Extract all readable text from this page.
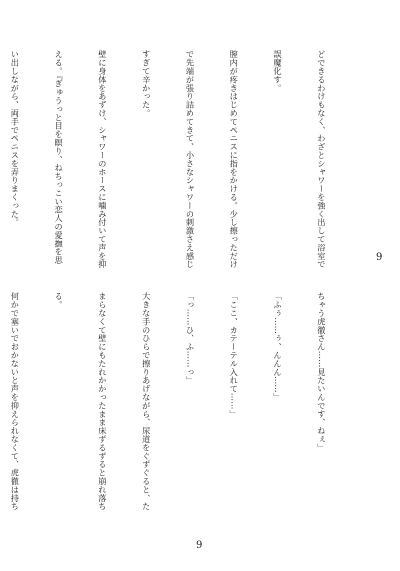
9

どできるわけもなく、わざとシャワーを強く出して浴室で

誤魔化す。

膣内が疼きはじめてペニスに指をかける。少し擦っただけ

で先端が張り詰めてきて、小さなシャワーの刺激さえ感じ

すぎて辛かった。

壁に身体をあずけ、シャワーのホースに噛み付いて声を抑

える。『ぎゅうっと目を瞑り、ねちっこい恋人の愛撫を思

い出しながら、両手でペニスを弄りまくった。

ちゃう虎徹さん……見たいんです、ねぇ」

「ふぅ……ぅ、んんん……」

「ここ、カテーテル入れて……」

「っ……ひ、ふ……っ」

大きな手のひらで擦りあげながら、尿道をぐずぐると、た

まらなくて壁にもたれかかったまま床ずるずると崩れ落ち

る。

何かで塞いでおかないと声を抑えられなくて、虎徹は持ち

9
